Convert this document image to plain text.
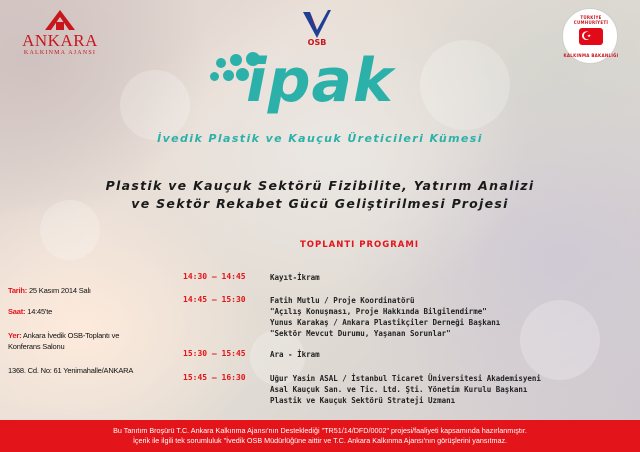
ANKARA
KALKINMA AJANSI
OSB
TÜRKİYE CUMHURİYETİ
☪
KALKINMA BAKANLIĞI
ipak
İvedik Plastik ve Kauçuk Üreticileri Kümesi
Plastik ve Kauçuk Sektörü Fizibilite, Yatırım Analizi
ve Sektör Rekabet Gücü Geliştirilmesi Projesi
TOPLANTI PROGRAMI
Tarih: 25 Kasım 2014 Salı
Saat: 14:45'te
Yer: Ankara İvedik OSB-Toplantı ve
Konferans Salonu
1368. Cd. No: 61 Yenimahalle/ANKARA
14:30 – 14:45	Kayıt-İkram
14:45 – 15:30	Fatih Mutlu / Proje Koordinatörü
"Açılış Konuşması, Proje Hakkında Bilgilendirme"
Yunus Karakaş / Ankara Plastikçiler Derneği Başkanı
"Sektör Mevcut Durumu, Yaşanan Sorunlar"
15:30 – 15:45	Ara - İkram
15:45 – 16:30	Uğur Yasin ASAL / İstanbul Ticaret Üniversitesi Akademisyeni
Asal Kauçuk San. ve Tic. Ltd. Şti. Yönetim Kurulu Başkanı
Plastik ve Kauçuk Sektörü Strateji Uzmanı
Bu Tanıtım Broşürü T.C. Ankara Kalkınma Ajansı'nın Desteklediği "TR51/14/DFD/0002" projesi/faaliyeti kapsamında hazırlanmıştır.
İçerik ile ilgili tek sorumluluk "İvedik OSB Müdürlüğüne aittir ve T.C. Ankara Kalkınma Ajansı'nın görüşlerini yansıtmaz.
